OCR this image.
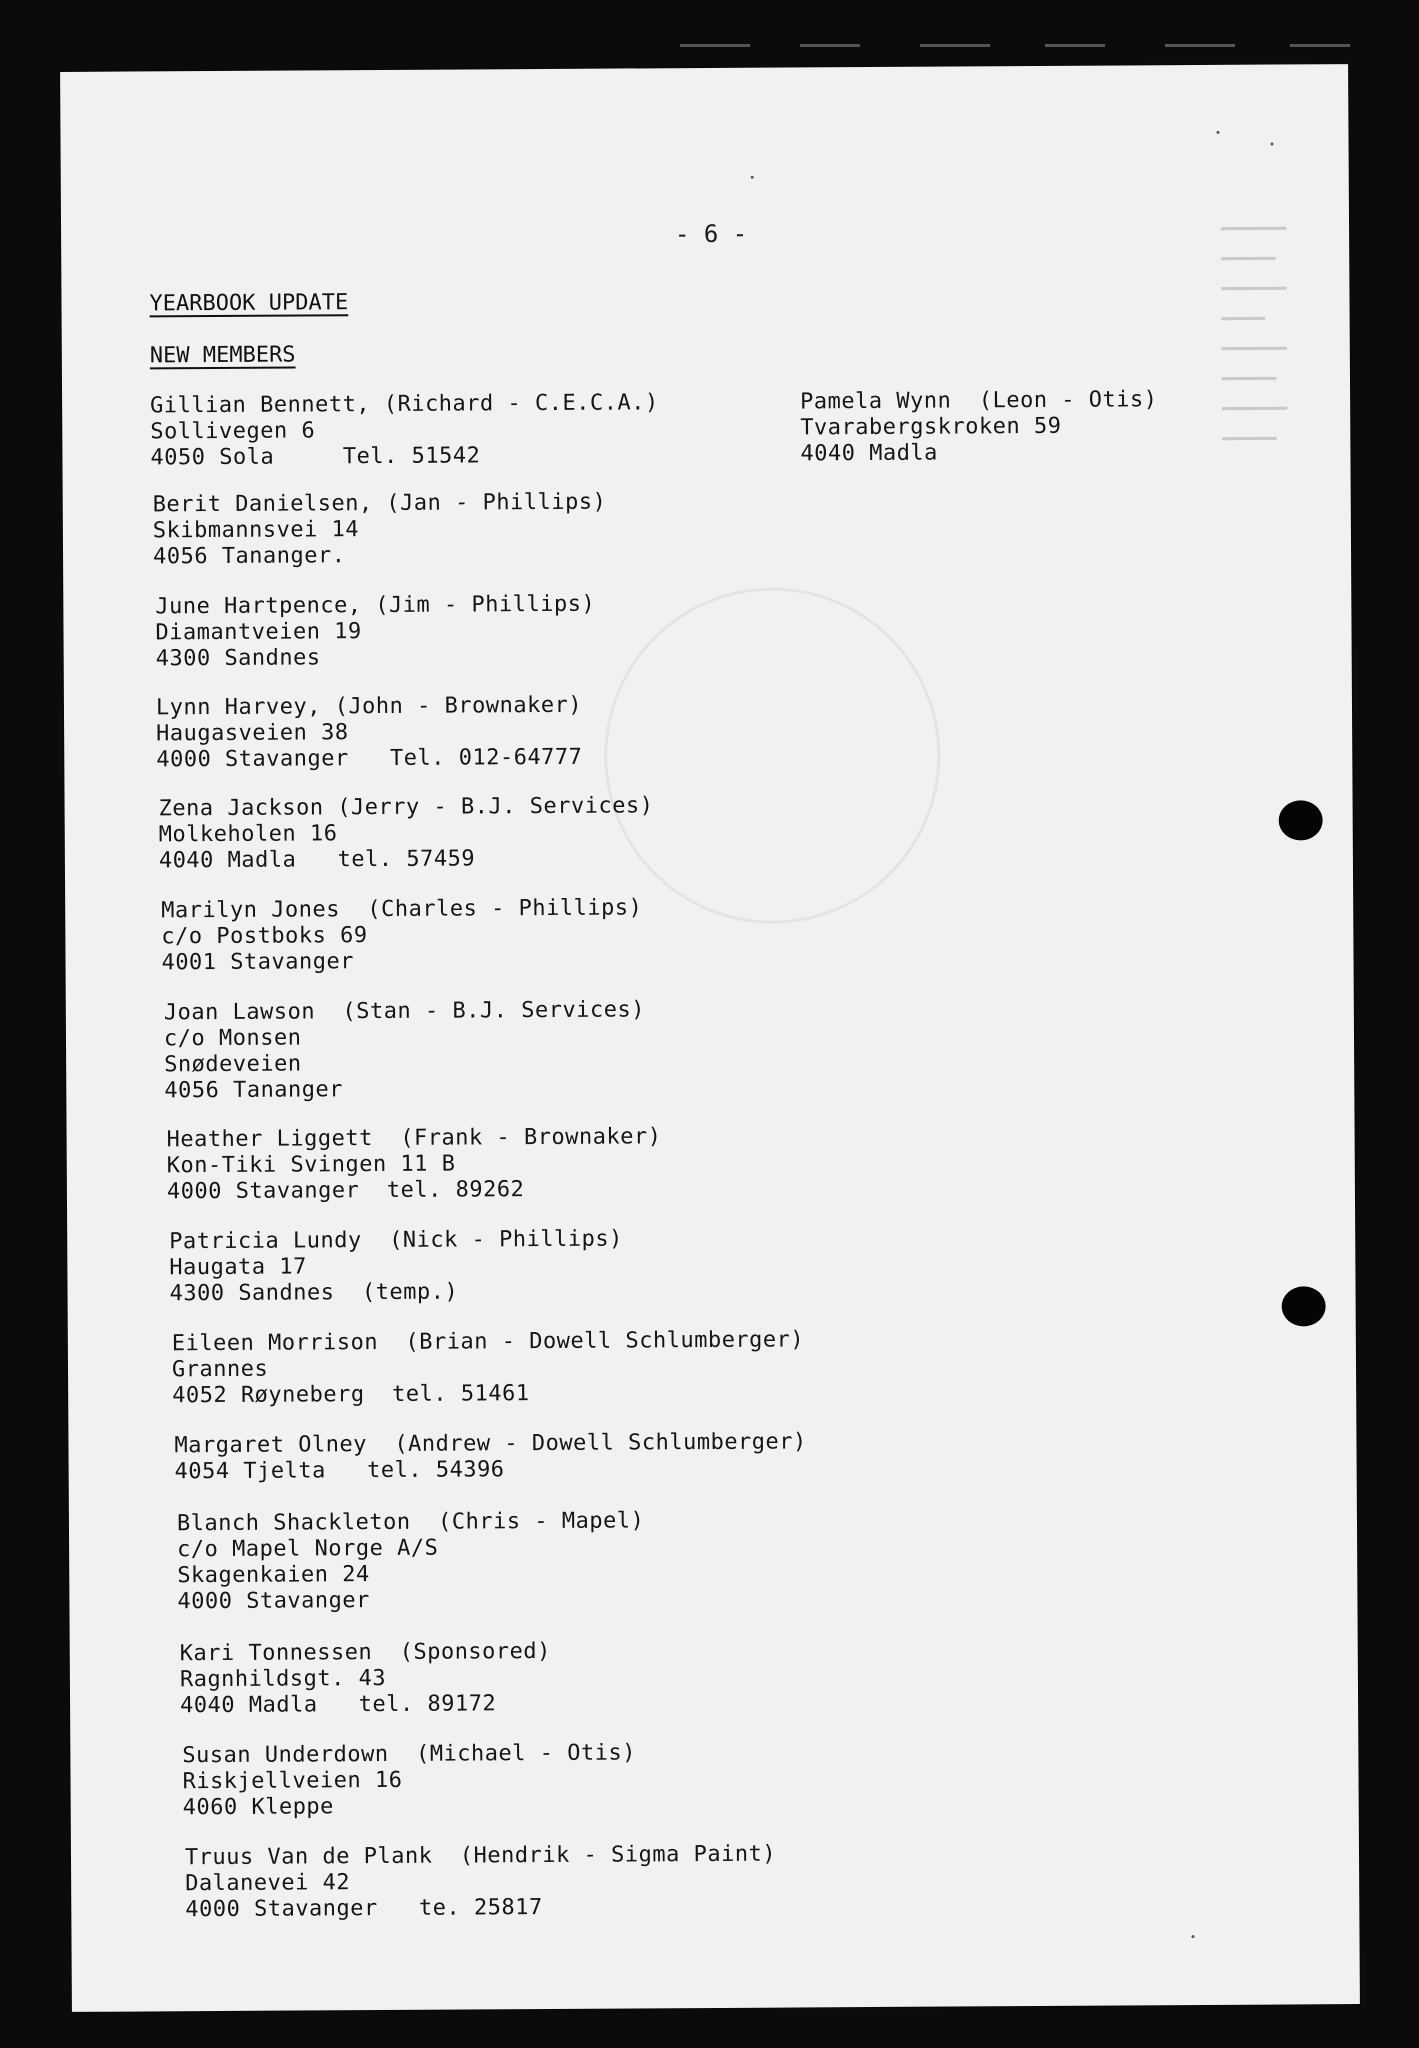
━━━━━━
━━━━━
━━━━━━
━━━━
━━━━━━
━━━━━
━━━━━━
━━━━━
- 6 -
YEARBOOK UPDATE
NEW MEMBERS
Gillian Bennett, (Richard - C.E.C.A.)
Sollivegen 6
4050 Sola     Tel. 51542
Berit Danielsen, (Jan - Phillips)
Skibmannsvei 14
4056 Tananger.
June Hartpence, (Jim - Phillips)
Diamantveien 19
4300 Sandnes
Lynn Harvey, (John - Brownaker)
Haugasveien 38
4000 Stavanger   Tel. 012-64777
Zena Jackson (Jerry - B.J. Services)
Molkeholen 16
4040 Madla   tel. 57459
Marilyn Jones  (Charles - Phillips)
c/o Postboks 69
4001 Stavanger
Joan Lawson  (Stan - B.J. Services)
c/o Monsen
Snødeveien
4056 Tananger
Heather Liggett  (Frank - Brownaker)
Kon-Tiki Svingen 11 B
4000 Stavanger  tel. 89262
Patricia Lundy  (Nick - Phillips)
Haugata 17
4300 Sandnes  (temp.)
Eileen Morrison  (Brian - Dowell Schlumberger)
Grannes
4052 Røyneberg  tel. 51461
Margaret Olney  (Andrew - Dowell Schlumberger)
4054 Tjelta   tel. 54396
Blanch Shackleton  (Chris - Mapel)
c/o Mapel Norge A/S
Skagenkaien 24
4000 Stavanger
Kari Tonnessen  (Sponsored)
Ragnhildsgt. 43
4040 Madla   tel. 89172
Susan Underdown  (Michael - Otis)
Riskjellveien 16
4060 Kleppe
Truus Van de Plank  (Hendrik - Sigma Paint)
Dalanevei 42
4000 Stavanger   te. 25817
Pamela Wynn  (Leon - Otis)
Tvarabergskroken 59
4040 Madla
